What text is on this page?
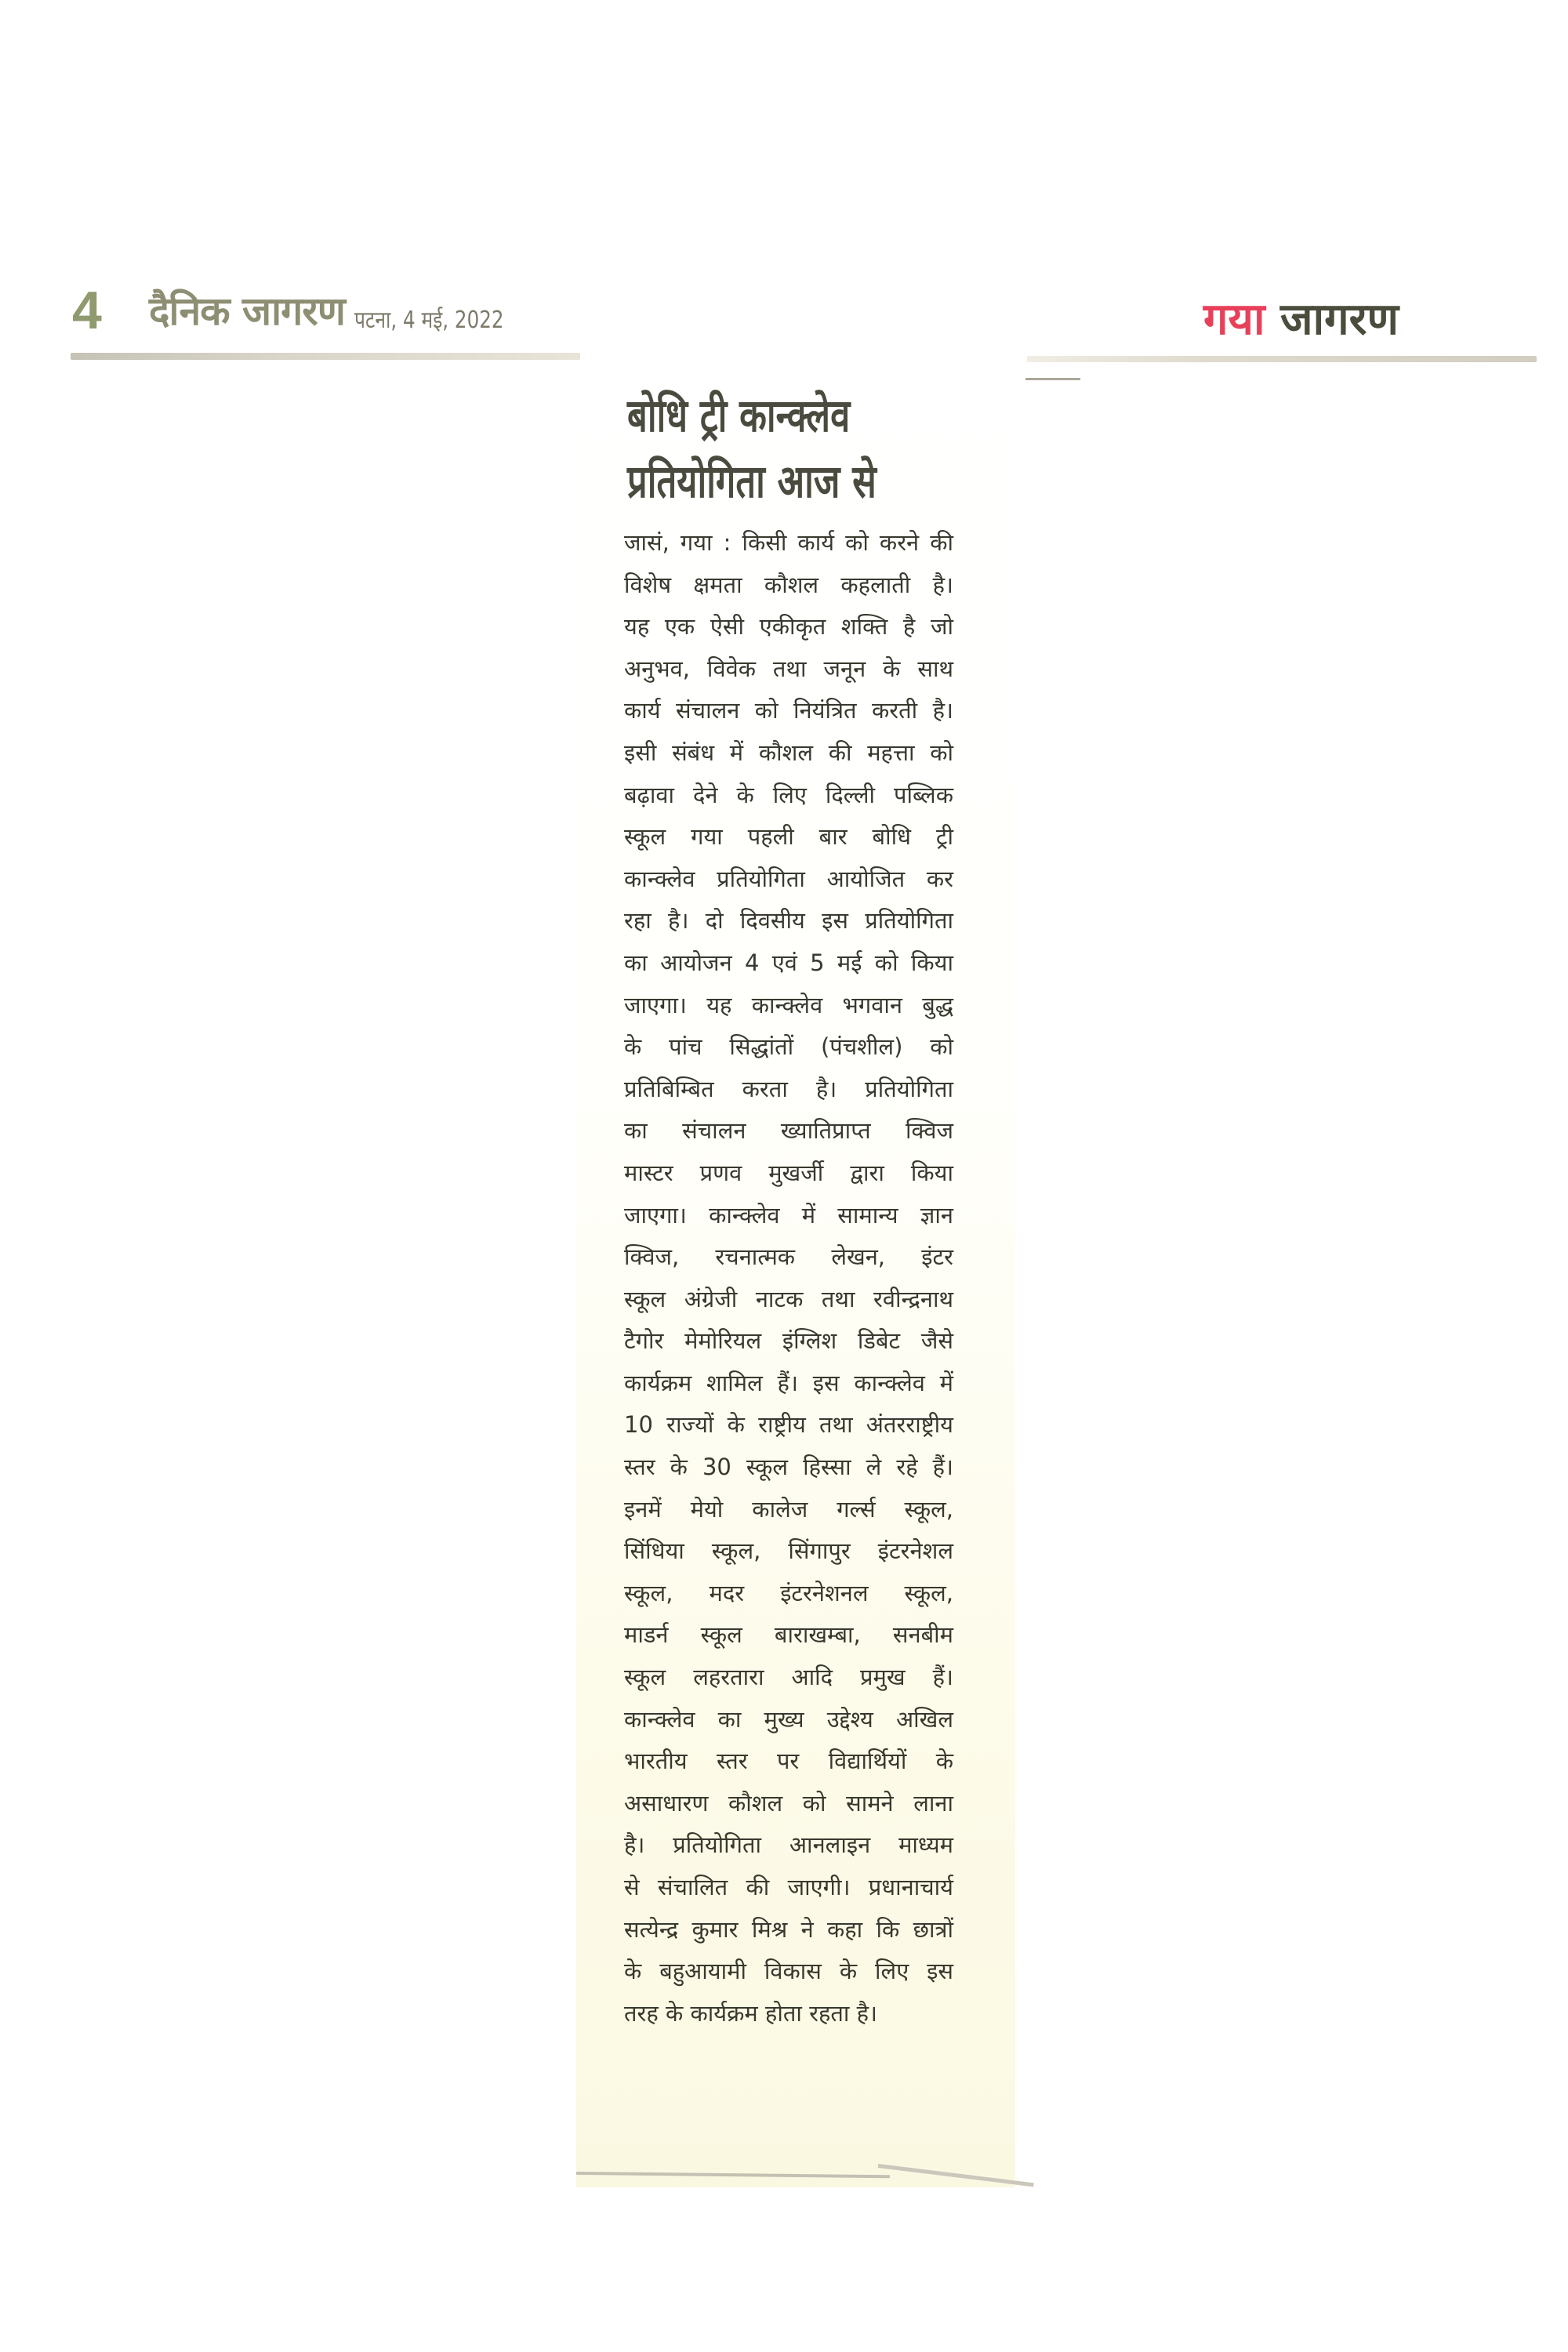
4 दैनिक जागरण पटना, 4 मई, 2022	गया जागरण
बोधि ट्री कान्क्लेव
प्रतियोगिता आज से
जासं, गया : किसी कार्य को करने की
विशेष क्षमता कौशल कहलाती है।
यह एक ऐसी एकीकृत शक्ति है जो
अनुभव, विवेक तथा जनून के साथ
कार्य संचालन को नियंत्रित करती है।
इसी संबंध में कौशल की महत्ता को
बढ़ावा देने के लिए दिल्ली पब्लिक
स्कूल गया पहली बार बोधि ट्री
कान्क्लेव प्रतियोगिता आयोजित कर
रहा है। दो दिवसीय इस प्रतियोगिता
का आयोजन 4 एवं 5 मई को किया
जाएगा। यह कान्क्लेव भगवान बुद्ध
के पांच सिद्धांतों (पंचशील) को
प्रतिबिम्बित करता है। प्रतियोगिता
का संचालन ख्यातिप्राप्त क्विज
मास्टर प्रणव मुखर्जी द्वारा किया
जाएगा। कान्क्लेव में सामान्य ज्ञान
क्विज, रचनात्मक लेखन, इंटर
स्कूल अंग्रेजी नाटक तथा रवीन्द्रनाथ
टैगोर मेमोरियल इंग्लिश डिबेट जैसे
कार्यक्रम शामिल हैं। इस कान्क्लेव में
10 राज्यों के राष्ट्रीय तथा अंतरराष्ट्रीय
स्तर के 30 स्कूल हिस्सा ले रहे हैं।
इनमें मेयो कालेज गर्ल्स स्कूल,
सिंधिया स्कूल, सिंगापुर इंटरनेशल
स्कूल, मदर इंटरनेशनल स्कूल,
माडर्न स्कूल बाराखम्बा, सनबीम
स्कूल लहरतारा आदि प्रमुख हैं।
कान्क्लेव का मुख्य उद्देश्य अखिल
भारतीय स्तर पर विद्यार्थियों के
असाधारण कौशल को सामने लाना
है। प्रतियोगिता आनलाइन माध्यम
से संचालित की जाएगी। प्रधानाचार्य
सत्येन्द्र कुमार मिश्र ने कहा कि छात्रों
के बहुआयामी विकास के लिए इस
तरह के कार्यक्रम होता रहता है।
